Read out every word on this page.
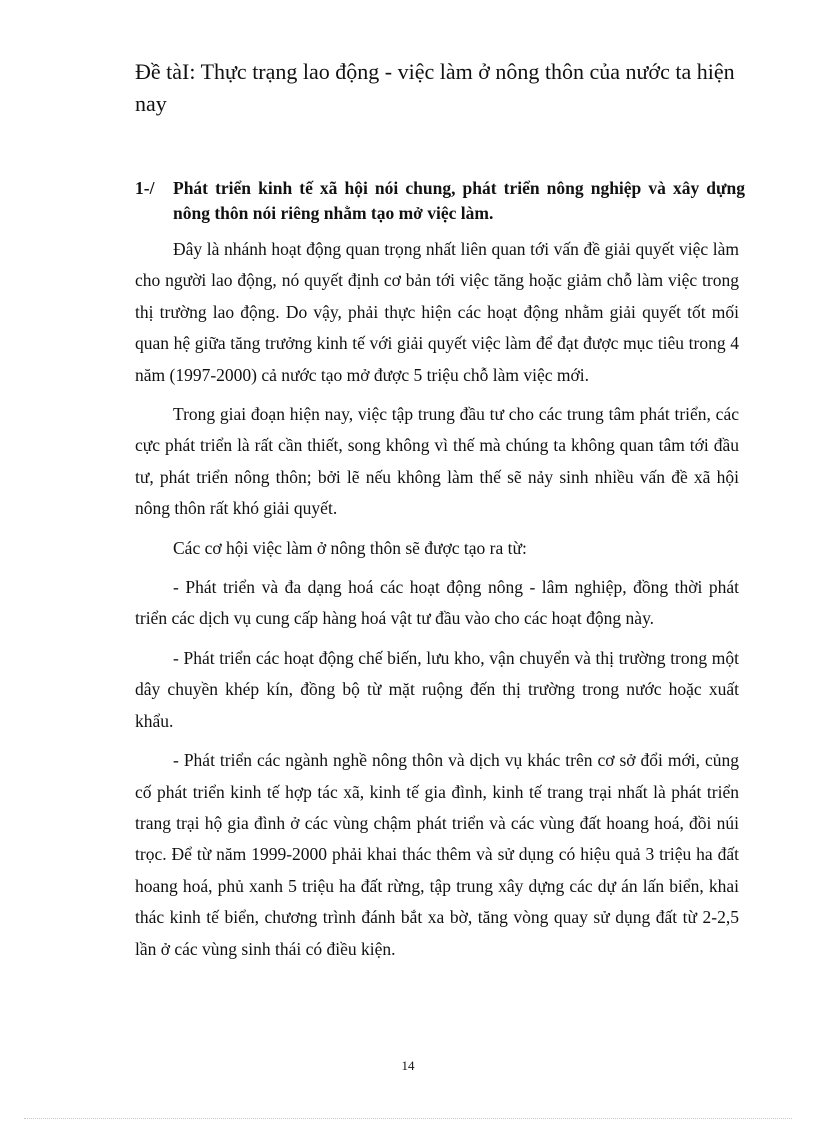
Đề tàI: Thực trạng lao động - việc làm ở nông thôn của nước ta hiện nay
1-/ Phát triển kinh tế xã hội nói chung, phát triển nông nghiệp và xây dựng nông thôn nói riêng nhằm tạo mở việc làm.

Đây là nhánh hoạt động quan trọng nhất liên quan tới vấn đề giải quyết việc làm cho người lao động, nó quyết định cơ bản tới việc tăng hoặc giảm chỗ làm việc trong thị trường lao động. Do vậy, phải thực hiện các hoạt động nhằm giải quyết tốt mối quan hệ giữa tăng trưởng kinh tế với giải quyết việc làm để đạt được mục tiêu trong 4 năm (1997-2000) cả nước tạo mở được 5 triệu chỗ làm việc mới.

Trong giai đoạn hiện nay, việc tập trung đầu tư cho các trung tâm phát triển, các cực phát triển là rất cần thiết, song không vì thế mà chúng ta không quan tâm tới đầu tư, phát triển nông thôn; bởi lẽ nếu không làm thế sẽ nảy sinh nhiều vấn đề xã hội nông thôn rất khó giải quyết.

Các cơ hội việc làm ở nông thôn sẽ được tạo ra từ:

- Phát triển và đa dạng hoá các hoạt động nông - lâm nghiệp, đồng thời phát triển các dịch vụ cung cấp hàng hoá vật tư đầu vào cho các hoạt động này.

- Phát triển các hoạt động chế biến, lưu kho, vận chuyển và thị trường trong một dây chuyền khép kín, đồng bộ từ mặt ruộng đến thị trường trong nước hoặc xuất khẩu.

- Phát triển các ngành nghề nông thôn và dịch vụ khác trên cơ sở đổi mới, củng cố phát triển kinh tế hợp tác xã, kinh tế gia đình, kinh tế trang trại nhất là phát triển trang trại hộ gia đình ở các vùng chậm phát triển và các vùng đất hoang hoá, đồi núi trọc. Để từ năm 1999-2000 phải khai thác thêm và sử dụng có hiệu quả 3 triệu ha đất hoang hoá, phủ xanh 5 triệu ha đất rừng, tập trung xây dựng các dự án lấn biển, khai thác kinh tế biển, chương trình đánh bắt xa bờ, tăng vòng quay sử dụng đất từ 2-2,5 lần ở các vùng sinh thái có điều kiện.

14
